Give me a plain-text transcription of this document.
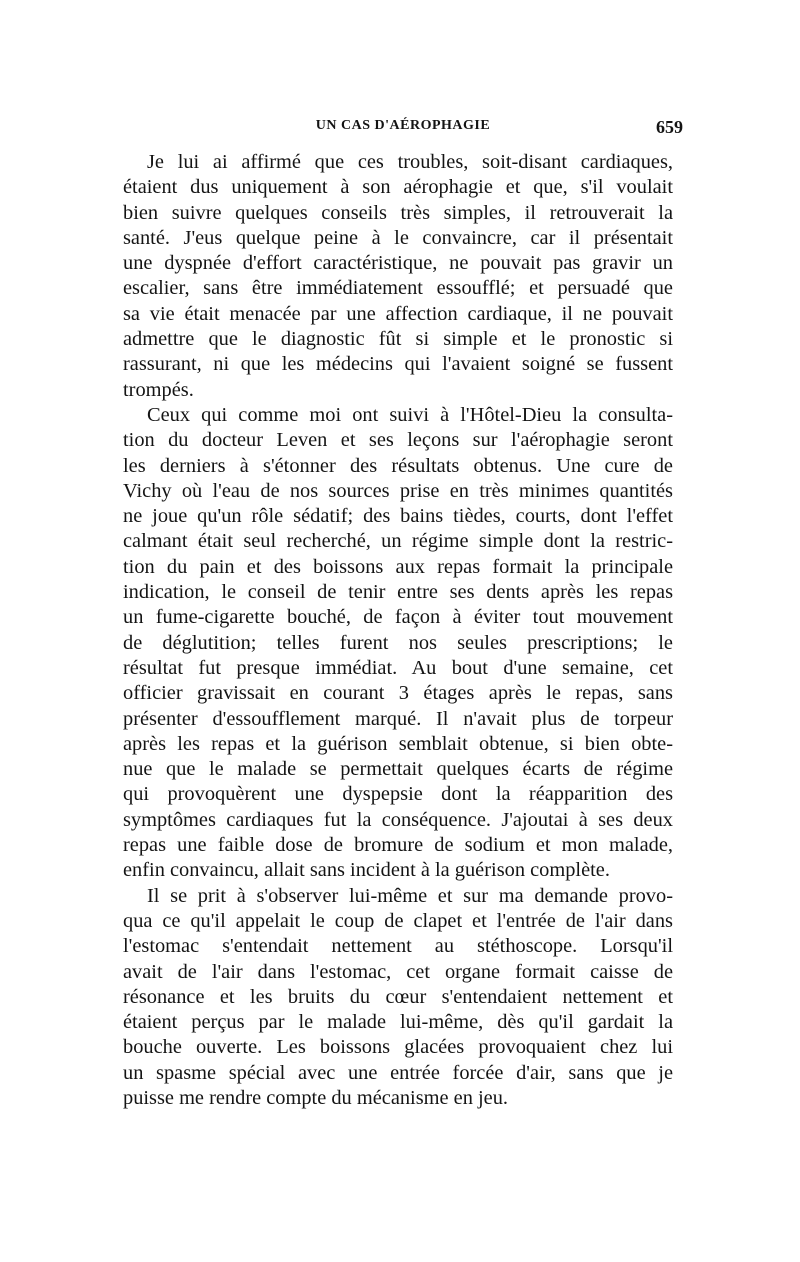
UN CAS D'AÉROPHAGIE	659
Je lui ai affirmé que ces troubles, soit-disant cardiaques,
étaient dus uniquement à son aérophagie et que, s'il voulait
bien suivre quelques conseils très simples, il retrouverait la
santé. J'eus quelque peine à le convaincre, car il présentait
une dyspnée d'effort caractéristique, ne pouvait pas gravir un
escalier, sans être immédiatement essoufflé; et persuadé que
sa vie était menacée par une affection cardiaque, il ne pouvait
admettre que le diagnostic fût si simple et le pronostic si
rassurant, ni que les médecins qui l'avaient soigné se fussent
trompés.
Ceux qui comme moi ont suivi à l'Hôtel-Dieu la consulta-
tion du docteur Leven et ses leçons sur l'aérophagie seront
les derniers à s'étonner des résultats obtenus. Une cure de
Vichy où l'eau de nos sources prise en très minimes quantités
ne joue qu'un rôle sédatif; des bains tièdes, courts, dont l'effet
calmant était seul recherché, un régime simple dont la restric-
tion du pain et des boissons aux repas formait la principale
indication, le conseil de tenir entre ses dents après les repas
un fume-cigarette bouché, de façon à éviter tout mouvement
de déglutition; telles furent nos seules prescriptions; le
résultat fut presque immédiat. Au bout d'une semaine, cet
officier gravissait en courant 3 étages après le repas, sans
présenter d'essoufflement marqué. Il n'avait plus de torpeur
après les repas et la guérison semblait obtenue, si bien obte-
nue que le malade se permettait quelques écarts de régime
qui provoquèrent une dyspepsie dont la réapparition des
symptômes cardiaques fut la conséquence. J'ajoutai à ses deux
repas une faible dose de bromure de sodium et mon malade,
enfin convaincu, allait sans incident à la guérison complète.
Il se prit à s'observer lui-même et sur ma demande provo-
qua ce qu'il appelait le coup de clapet et l'entrée de l'air dans
l'estomac s'entendait nettement au stéthoscope. Lorsqu'il
avait de l'air dans l'estomac, cet organe formait caisse de
résonance et les bruits du cœur s'entendaient nettement et
étaient perçus par le malade lui-même, dès qu'il gardait la
bouche ouverte. Les boissons glacées provoquaient chez lui
un spasme spécial avec une entrée forcée d'air, sans que je
puisse me rendre compte du mécanisme en jeu.
